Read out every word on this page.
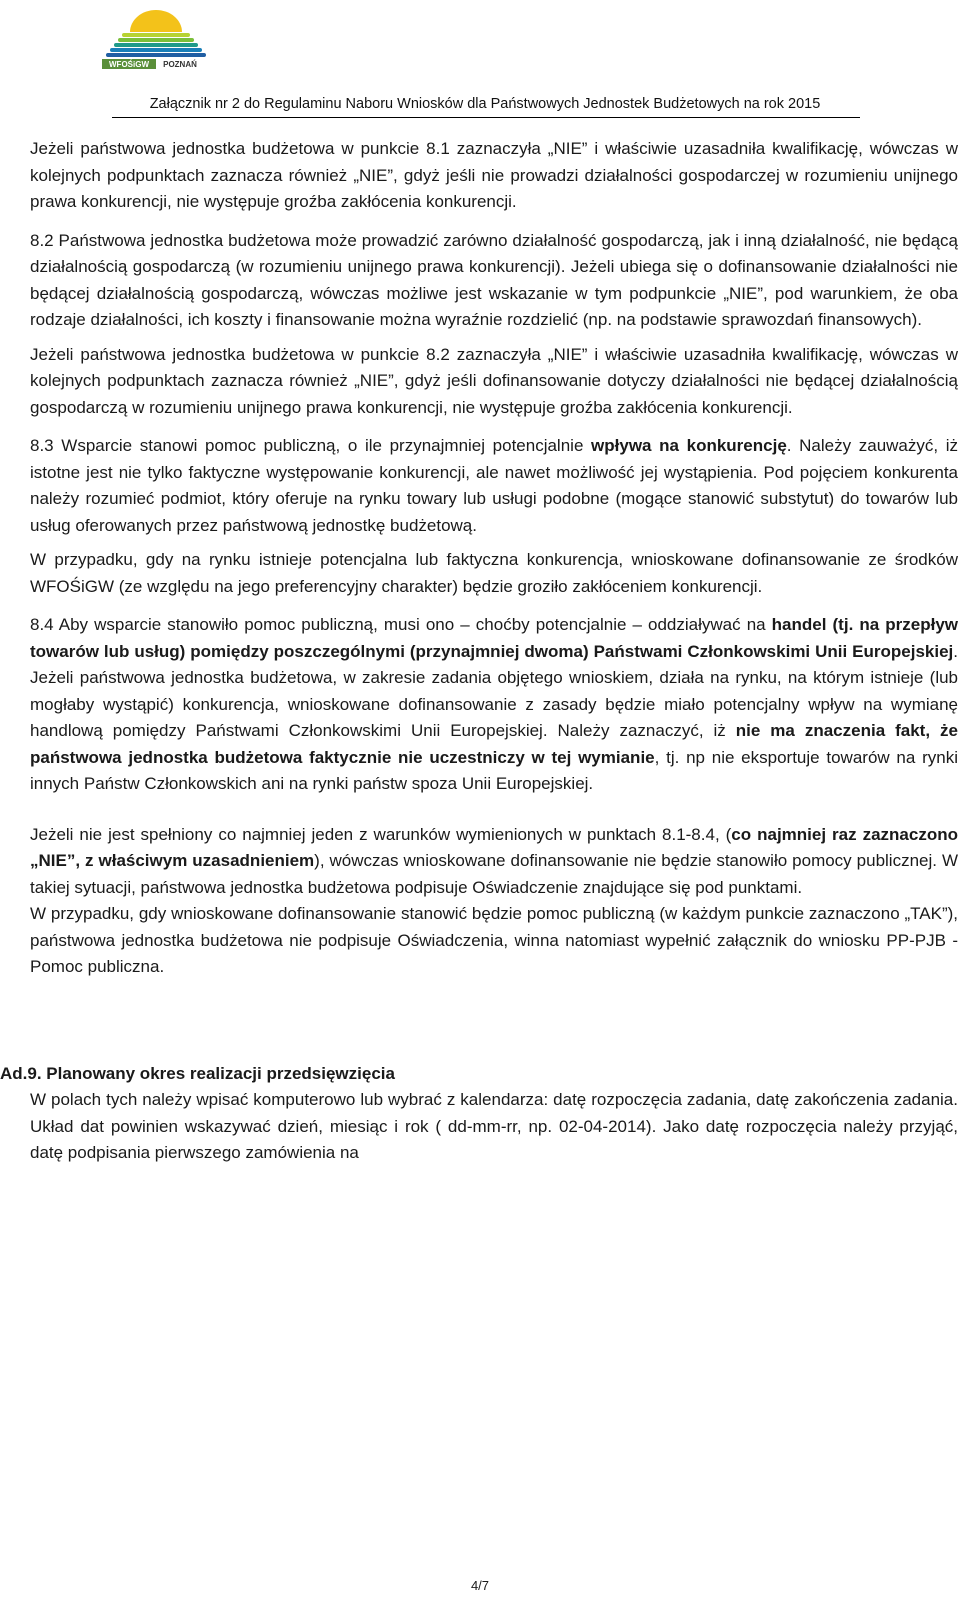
WFOŚiGW POZNAŃ
Załącznik nr 2 do Regulaminu Naboru Wniosków dla Państwowych Jednostek Budżetowych na rok 2015

Jeżeli państwowa jednostka budżetowa w punkcie 8.1 zaznaczyła „NIE” i właściwie uzasadniła kwalifikację, wówczas w kolejnych podpunktach zaznacza również „NIE”, gdyż jeśli nie prowadzi działalności gospodarczej w rozumieniu unijnego prawa konkurencji, nie występuje groźba zakłócenia konkurencji.

8.2 Państwowa jednostka budżetowa może prowadzić zarówno działalność gospodarczą, jak i inną działalność, nie będącą działalnością gospodarczą (w rozumieniu unijnego prawa konkurencji). Jeżeli ubiega się o dofinansowanie działalności nie będącej działalnością gospodarczą, wówczas możliwe jest wskazanie w tym podpunkcie „NIE”, pod warunkiem, że oba rodzaje działalności, ich koszty i finansowanie można wyraźnie rozdzielić (np. na podstawie sprawozdań finansowych).

Jeżeli państwowa jednostka budżetowa w punkcie 8.2 zaznaczyła „NIE” i właściwie uzasadniła kwalifikację, wówczas w kolejnych podpunktach zaznacza również „NIE”, gdyż jeśli dofinansowanie dotyczy działalności nie będącej działalnością gospodarczą w rozumieniu unijnego prawa konkurencji, nie występuje groźba zakłócenia konkurencji.

8.3 Wsparcie stanowi pomoc publiczną, o ile przynajmniej potencjalnie wpływa na konkurencję. Należy zauważyć, iż istotne jest nie tylko faktyczne występowanie konkurencji, ale nawet możliwość jej wystąpienia. Pod pojęciem konkurenta należy rozumieć podmiot, który oferuje na rynku towary lub usługi podobne (mogące stanowić substytut) do towarów lub usług oferowanych przez państwową jednostkę budżetową.

W przypadku, gdy na rynku istnieje potencjalna lub faktyczna konkurencja, wnioskowane dofinansowanie ze środków WFOŚiGW (ze względu na jego preferencyjny charakter) będzie groziło zakłóceniem konkurencji.

8.4 Aby wsparcie stanowiło pomoc publiczną, musi ono – choćby potencjalnie – oddziaływać na handel (tj. na przepływ towarów lub usług) pomiędzy poszczególnymi (przynajmniej dwoma) Państwami Członkowskimi Unii Europejskiej. Jeżeli państwowa jednostka budżetowa, w zakresie zadania objętego wnioskiem, działa na rynku, na którym istnieje (lub mogłaby wystąpić) konkurencja, wnioskowane dofinansowanie z zasady będzie miało potencjalny wpływ na wymianę handlową pomiędzy Państwami Członkowskimi Unii Europejskiej. Należy zaznaczyć, iż nie ma znaczenia fakt, że państwowa jednostka budżetowa faktycznie nie uczestniczy w tej wymianie, tj. np nie eksportuje towarów na rynki innych Państw Członkowskich ani na rynki państw spoza Unii Europejskiej.

Jeżeli nie jest spełniony co najmniej jeden z warunków wymienionych w punktach 8.1-8.4, (co najmniej raz zaznaczono „NIE”, z właściwym uzasadnieniem), wówczas wnioskowane dofinansowanie nie będzie stanowiło pomocy publicznej. W takiej sytuacji, państwowa jednostka budżetowa podpisuje Oświadczenie znajdujące się pod punktami.

W przypadku, gdy wnioskowane dofinansowanie stanowić będzie pomoc publiczną (w każdym punkcie zaznaczono „TAK”), państwowa jednostka budżetowa nie podpisuje Oświadczenia, winna natomiast wypełnić załącznik do wniosku PP-PJB - Pomoc publiczna.

Ad.9. Planowany okres realizacji przedsięwzięcia

W polach tych należy wpisać komputerowo lub wybrać z kalendarza: datę rozpoczęcia zadania, datę zakończenia zadania. Układ dat powinien wskazywać dzień, miesiąc i rok ( dd-mm-rr, np. 02-04-2014). Jako datę rozpoczęcia należy przyjąć, datę podpisania pierwszego zamówienia na

4/7
